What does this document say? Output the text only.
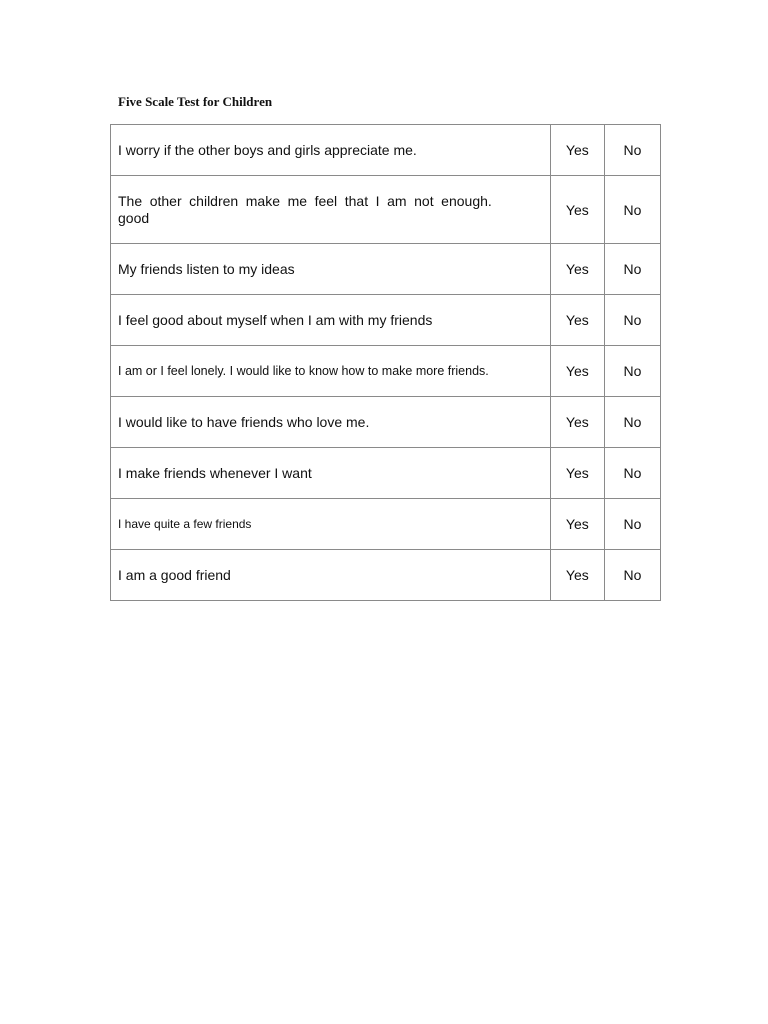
Five Scale Test for Children
I worry if the other boys and girls appreciate me.	Yes	No
The other children make me feel that I am not enough.
good	Yes	No
My friends listen to my ideas	Yes	No
I feel good about myself when I am with my friends	Yes	No
I am or I feel lonely. I would like to know how to make more friends.	Yes	No
I would like to have friends who love me.	Yes	No
I make friends whenever I want	Yes	No
I have quite a few friends	Yes	No
I am a good friend	Yes	No
